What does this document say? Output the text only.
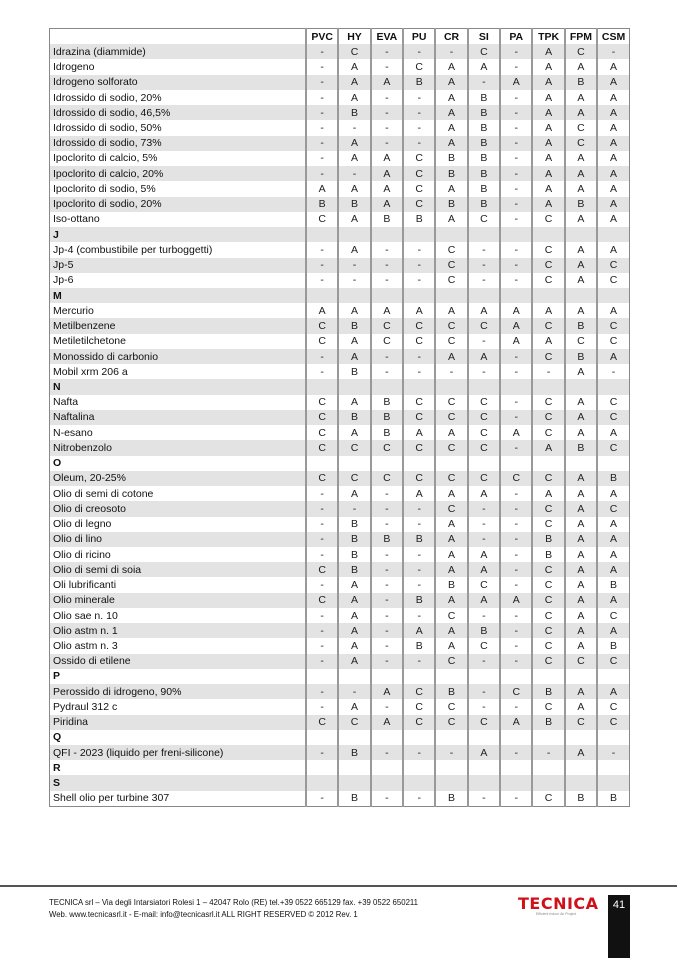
	PVC	HY	EVA	PU	CR	SI	PA	TPK	FPM	CSM
Idrazina (diammide)	-	C	-	-	-	C	-	A	C	-
Idrogeno	-	A	-	C	A	A	-	A	A	A
Idrogeno solforato	-	A	A	B	A	-	A	A	B	A
Idrossido di sodio, 20%	-	A	-	-	A	B	-	A	A	A
Idrossido di sodio, 46,5%	-	B	-	-	A	B	-	A	A	A
Idrossido di sodio, 50%	-	-	-	-	A	B	-	A	C	A
Idrossido di sodio, 73%	-	A	-	-	A	B	-	A	C	A
Ipoclorito di calcio, 5%	-	A	A	C	B	B	-	A	A	A
Ipoclorito di calcio, 20%	-	-	A	C	B	B	-	A	A	A
Ipoclorito di sodio, 5%	A	A	A	C	A	B	-	A	A	A
Ipoclorito di sodio, 20%	B	B	A	C	B	B	-	A	B	A
Iso-ottano	C	A	B	B	A	C	-	C	A	A
J										
Jp-4 (combustibile per turboggetti)	-	A	-	-	C	-	-	C	A	A
Jp-5	-	-	-	-	C	-	-	C	A	C
Jp-6	-	-	-	-	C	-	-	C	A	C
M										
Mercurio	A	A	A	A	A	A	A	A	A	A
Metilbenzene	C	B	C	C	C	C	A	C	B	C
Metiletilchetone	C	A	C	C	C	-	A	A	C	C
Monossido di carbonio	-	A	-	-	A	A	-	C	B	A
Mobil xrm 206 a	-	B	-	-	-	-	-	-	A	-
N										
Nafta	C	A	B	C	C	C	-	C	A	C
Naftalina	C	B	B	C	C	C	-	C	A	C
N-esano	C	A	B	A	A	C	A	C	A	A
Nitrobenzolo	C	C	C	C	C	C	-	A	B	C
O										
Oleum, 20-25%	C	C	C	C	C	C	C	C	A	B
Olio di semi di cotone	-	A	-	A	A	A	-	A	A	A
Olio di creosoto	-	-	-	-	C	-	-	C	A	C
Olio di legno	-	B	-	-	A	-	-	C	A	A
Olio di lino	-	B	B	B	A	-	-	B	A	A
Olio di ricino	-	B	-	-	A	A	-	B	A	A
Olio di semi di soia	C	B	-	-	A	A	-	C	A	A
Oli lubrificanti	-	A	-	-	B	C	-	C	A	B
Olio minerale	C	A	-	B	A	A	A	C	A	A
Olio sae n. 10	-	A	-	-	C	-	-	C	A	C
Olio astm n. 1	-	A	-	A	A	B	-	C	A	A
Olio astm n. 3	-	A	-	B	A	C	-	C	A	B
Ossido di etilene	-	A	-	-	C	-	-	C	C	C
P										
Perossido di idrogeno, 90%	-	-	A	C	B	-	C	B	A	A
Pydraul 312 c	-	A	-	C	C	-	-	C	A	C
Piridina	C	C	A	C	C	C	A	B	C	C
Q										
QFI - 2023 (liquido per freni-silicone)	-	B	-	-	-	A	-	-	A	-
R										
S										
Shell olio per turbine 307	-	B	-	-	B	-	-	C	B	B
TECNICA srl – Via degli Intarsiatori Rolesi 1 – 42047 Rolo (RE) tel.+39 0522 665129 fax. +39 0522 650211
Web. www.tecnicasrl.it - E-mail: info@tecnicasrl.it ALL RIGHT RESERVED © 2012 Rev. 1
TECNICA
Efficient Indoor Air Project
41
